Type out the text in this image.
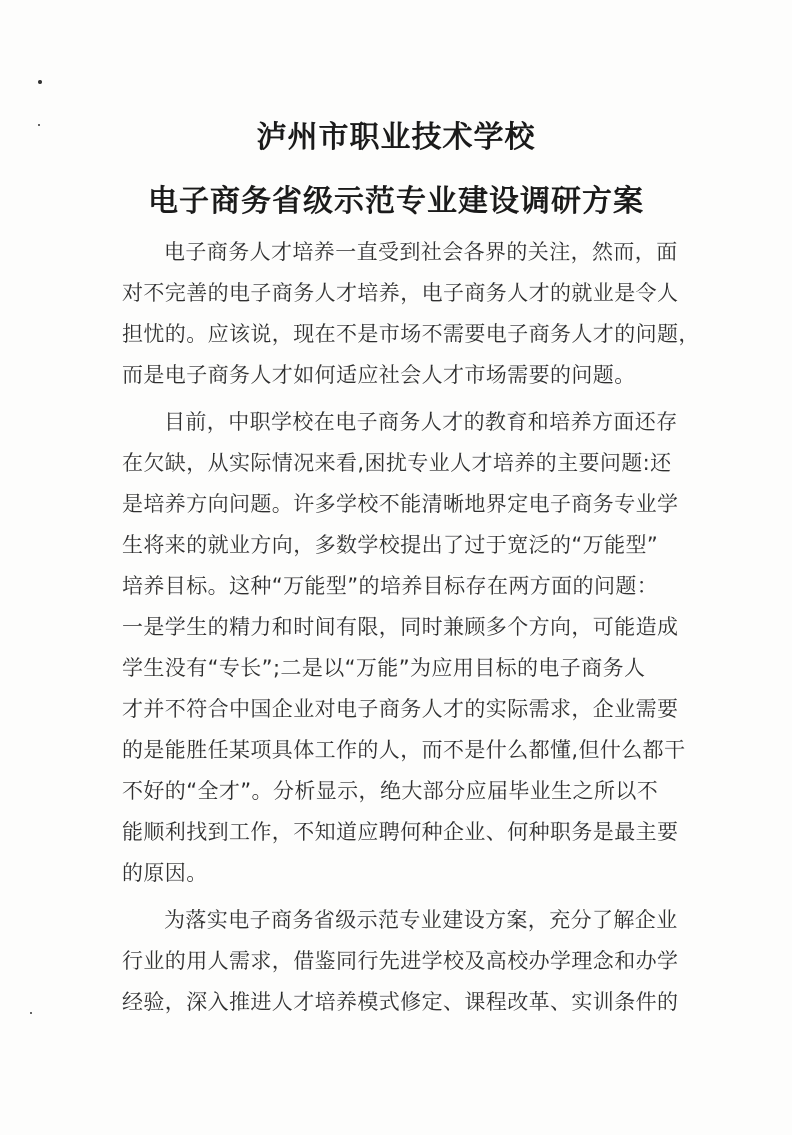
泸州市职业技术学校
电子商务省级示范专业建设调研方案
电子商务人才培养一直受到社会各界的关注，然而，面
对不完善的电子商务人才培养，电子商务人才的就业是令人
担忧的。应该说，现在不是市场不需要电子商务人才的问题，
而是电子商务人才如何适应社会人才市场需要的问题。
目前，中职学校在电子商务人才的教育和培养方面还存
在欠缺，从实际情况来看,困扰专业人才培养的主要问题:还
是培养方向问题。许多学校不能清晰地界定电子商务专业学
生将来的就业方向，多数学校提出了过于宽泛的“万能型”
培养目标。这种“万能型”的培养目标存在两方面的问题：
一是学生的精力和时间有限，同时兼顾多个方向，可能造成
学生没有“专长”;二是以“万能”为应用目标的电子商务人
才并不符合中国企业对电子商务人才的实际需求，企业需要
的是能胜任某项具体工作的人，而不是什么都懂,但什么都干
不好的“全才”。分析显示，绝大部分应届毕业生之所以不
能顺利找到工作，不知道应聘何种企业、何种职务是最主要
的原因。
为落实电子商务省级示范专业建设方案，充分了解企业
行业的用人需求，借鉴同行先进学校及高校办学理念和办学
经验，深入推进人才培养模式修定、课程改革、实训条件的
